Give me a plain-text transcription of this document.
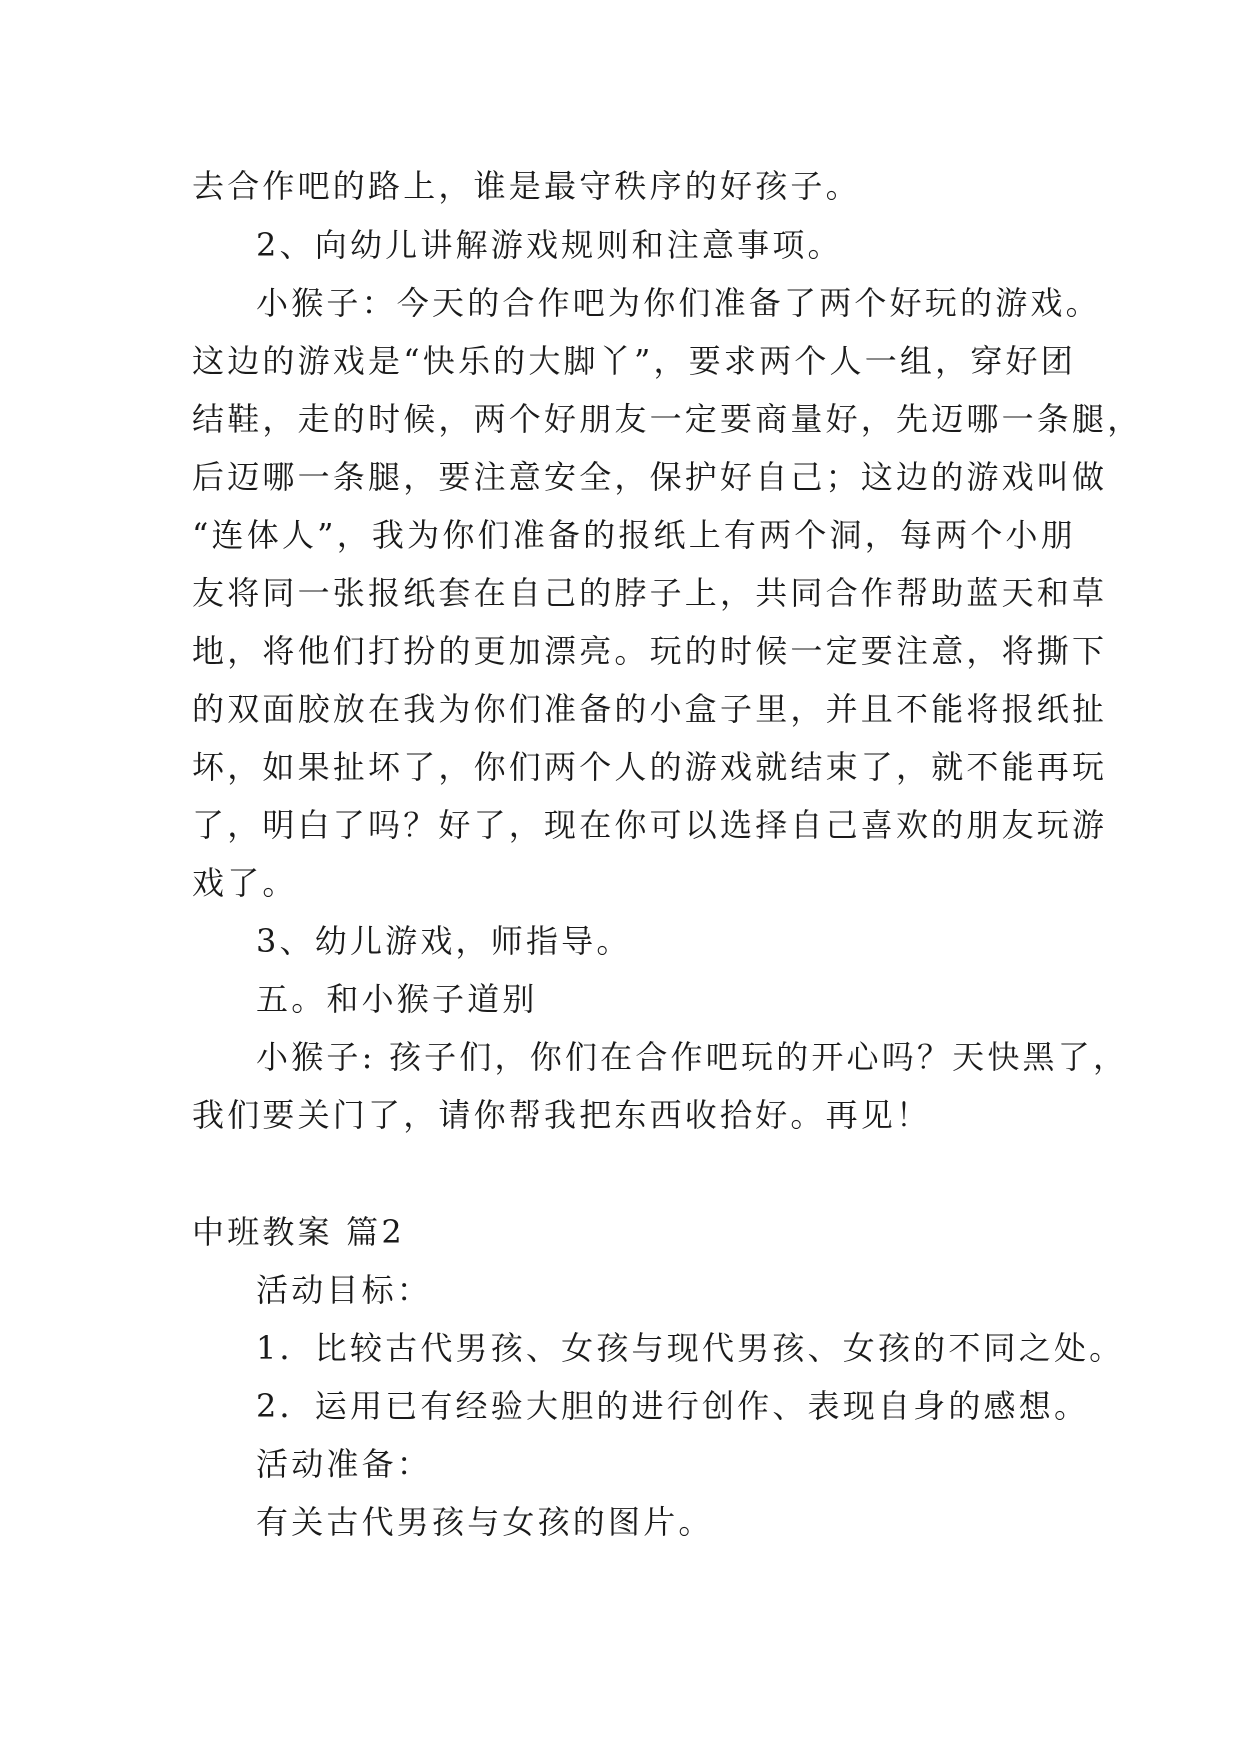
去合作吧的路上，谁是最守秩序的好孩子。
2、向幼儿讲解游戏规则和注意事项。
小猴子：今天的合作吧为你们准备了两个好玩的游戏。
这边的游戏是“快乐的大脚丫”，要求两个人一组，穿好团
结鞋，走的时候，两个好朋友一定要商量好，先迈哪一条腿，
后迈哪一条腿，要注意安全，保护好自己；这边的游戏叫做
“连体人”，我为你们准备的报纸上有两个洞，每两个小朋
友将同一张报纸套在自己的脖子上，共同合作帮助蓝天和草
地，将他们打扮的更加漂亮。玩的时候一定要注意，将撕下
的双面胶放在我为你们准备的小盒子里，并且不能将报纸扯
坏，如果扯坏了，你们两个人的游戏就结束了，就不能再玩
了，明白了吗？好了，现在你可以选择自己喜欢的朋友玩游
戏了。
3、幼儿游戏，师指导。
五。和小猴子道别
小猴子: 孩子们，你们在合作吧玩的开心吗？天快黑了，
我们要关门了，请你帮我把东西收拾好。再见！
中班教案 篇2
活动目标：
1．比较古代男孩、女孩与现代男孩、女孩的不同之处。
2．运用已有经验大胆的进行创作、表现自身的感想。
活动准备：
有关古代男孩与女孩的图片。
